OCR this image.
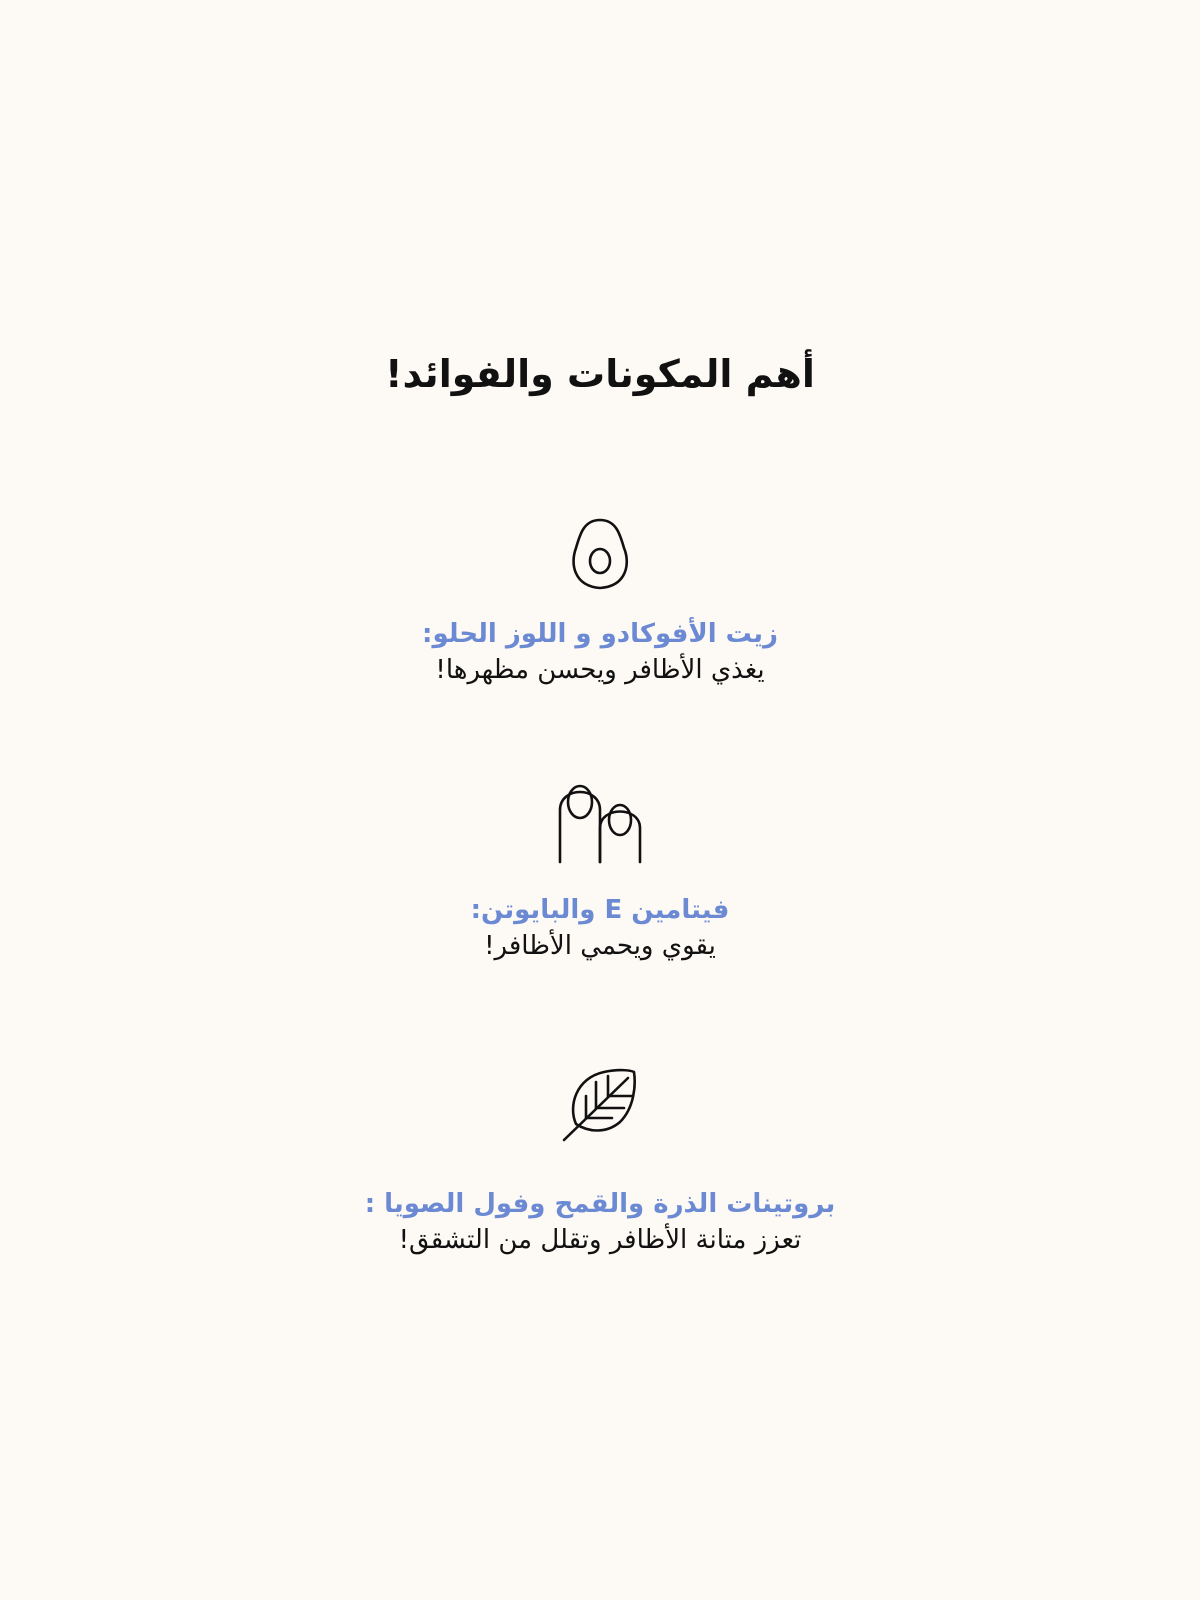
أهم المكونات والفوائد!
زيت الأفوكادو و اللوز الحلو:
يغذي الأظافر ويحسن مظهرها!
فيتامين E والبايوتن:
يقوي ويحمي الأظافر!
بروتينات الذرة والقمح وفول الصويا :
تعزز متانة الأظافر وتقلل من التشقق!
